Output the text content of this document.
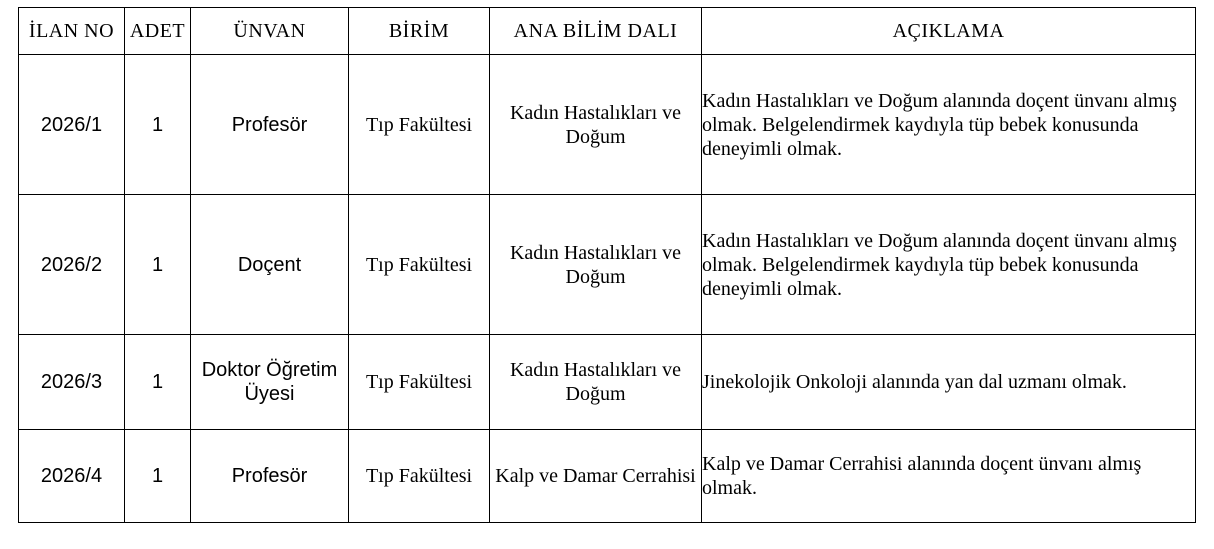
İLAN NO	ADET	ÜNVAN	BİRİM	ANA BİLİM DALI	AÇIKLAMA
2026/1	1	Profesör	Tıp Fakültesi	Kadın Hastalıkları ve Doğum	Kadın Hastalıkları ve Doğum alanında doçent ünvanı almış olmak. Belgelendirmek kaydıyla tüp bebek konusunda deneyimli olmak.
2026/2	1	Doçent	Tıp Fakültesi	Kadın Hastalıkları ve Doğum	Kadın Hastalıkları ve Doğum alanında doçent ünvanı almış olmak. Belgelendirmek kaydıyla tüp bebek konusunda deneyimli olmak.
2026/3	1	Doktor Öğretim Üyesi	Tıp Fakültesi	Kadın Hastalıkları ve Doğum	Jinekolojik Onkoloji alanında yan dal uzmanı olmak.
2026/4	1	Profesör	Tıp Fakültesi	Kalp ve Damar Cerrahisi	Kalp ve Damar Cerrahisi alanında doçent ünvanı almış olmak.
